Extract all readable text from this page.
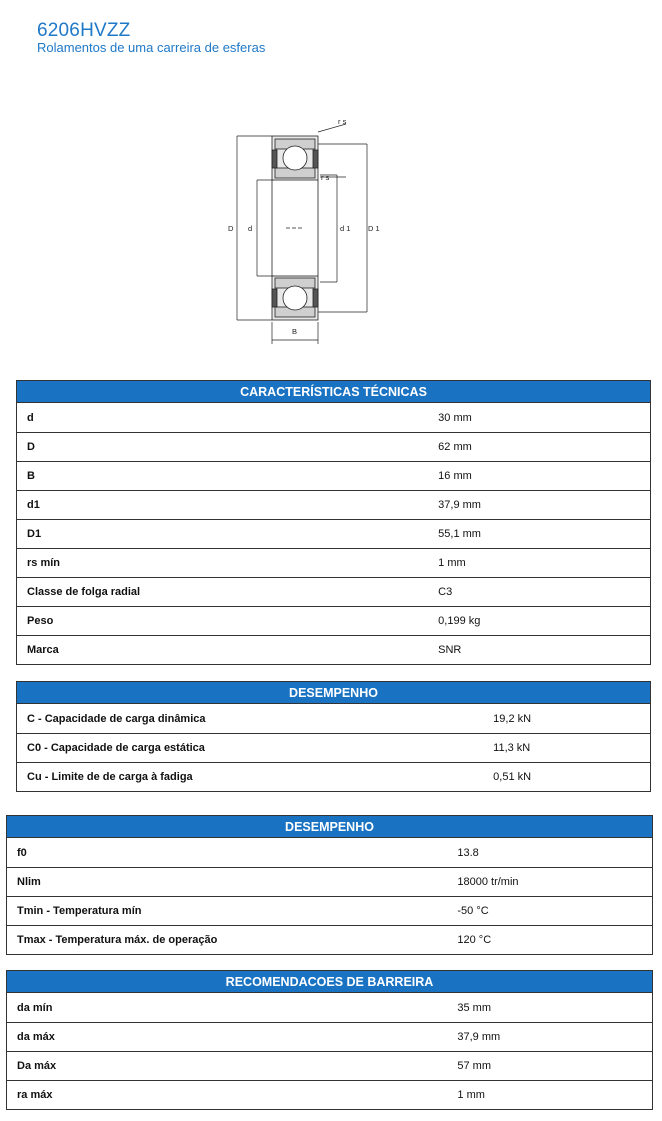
6206HVZZ
Rolamentos de uma carreira de esferas
r s
r s
D d	d 1 D 1
B
CARACTERÍSTICAS TÉCNICAS
d	30 mm
D	62 mm
B	16 mm
d1	37,9 mm
D1	55,1 mm
rs mín	1 mm
Classe de folga radial	C3
Peso	0,199 kg
Marca	SNR
DESEMPENHO
C - Capacidade de carga dinâmica	19,2 kN
C0 - Capacidade de carga estática	11,3 kN
Cu - Limite de de carga à fadiga	0,51 kN
DESEMPENHO
f0	13.8
Nlim	18000 tr/min
Tmin - Temperatura mín	-50 °C
Tmax - Temperatura máx. de operação	120 °C
RECOMENDACOES DE BARREIRA
da mín	35 mm
da máx	37,9 mm
Da máx	57 mm
ra máx	1 mm
